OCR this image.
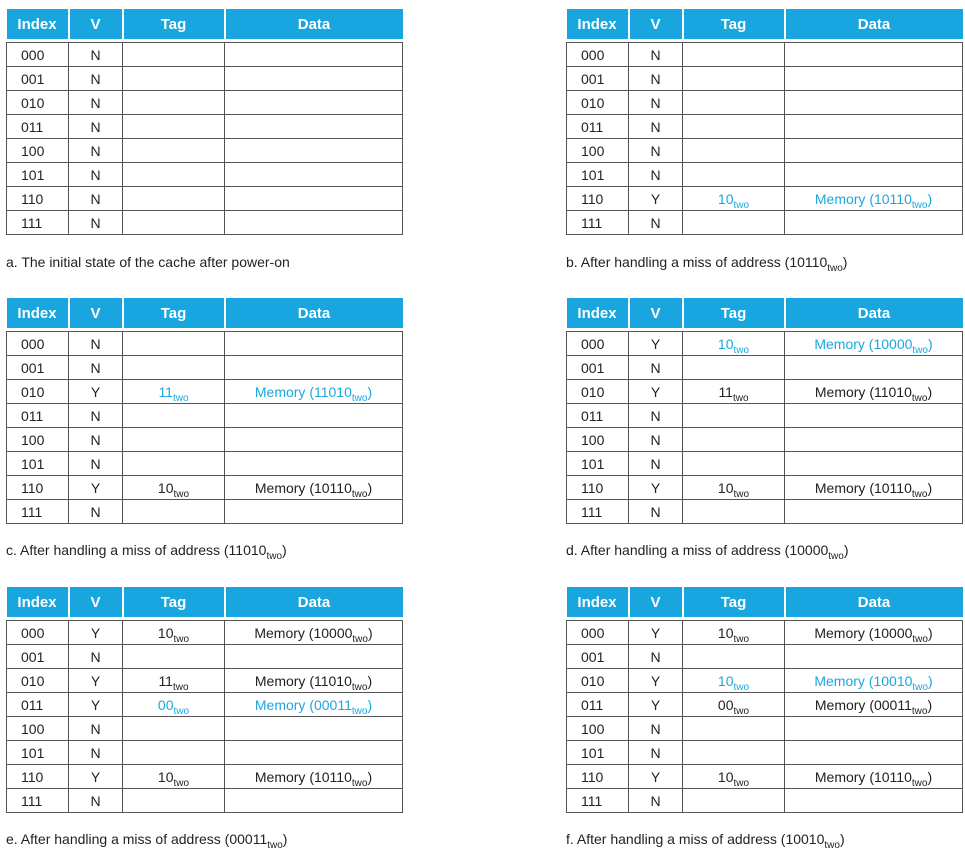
Index	V	Tag	Data

000	N		
001	N		
010	N		
011	N		
100	N		
101	N		
110	N		
111	N		
a. The initial state of the cache after power-on
Index	V	Tag	Data

000	N		
001	N		
010	N		
011	N		
100	N		
101	N		
110	Y	$10_{two}$	Memory $(10110_{two})$
111	N		
b. After handling a miss of address $(10110_{two})$
Index	V	Tag	Data

000	N		
001	N		
010	Y	$11_{two}$	Memory $(11010_{two})$
011	N		
100	N		
101	N		
110	Y	$10_{two}$	Memory $(10110_{two})$
111	N		
c. After handling a miss of address $(11010_{two})$
Index	V	Tag	Data

000	Y	$10_{two}$	Memory $(10000_{two})$
001	N		
010	Y	$11_{two}$	Memory $(11010_{two})$
011	N		
100	N		
101	N		
110	Y	$10_{two}$	Memory $(10110_{two})$
111	N		
d. After handling a miss of address $(10000_{two})$
Index	V	Tag	Data

000	Y	$10_{two}$	Memory $(10000_{two})$
001	N		
010	Y	$11_{two}$	Memory $(11010_{two})$
011	Y	$00_{two}$	Memory $(00011_{two})$
100	N		
101	N		
110	Y	$10_{two}$	Memory $(10110_{two})$
111	N		
e. After handling a miss of address $(00011_{two})$
Index	V	Tag	Data

000	Y	$10_{two}$	Memory $(10000_{two})$
001	N		
010	Y	$10_{two}$	Memory $(10010_{two})$
011	Y	$00_{two}$	Memory $(00011_{two})$
100	N		
101	N		
110	Y	$10_{two}$	Memory $(10110_{two})$
111	N		
f. After handling a miss of address $(10010_{two})$
